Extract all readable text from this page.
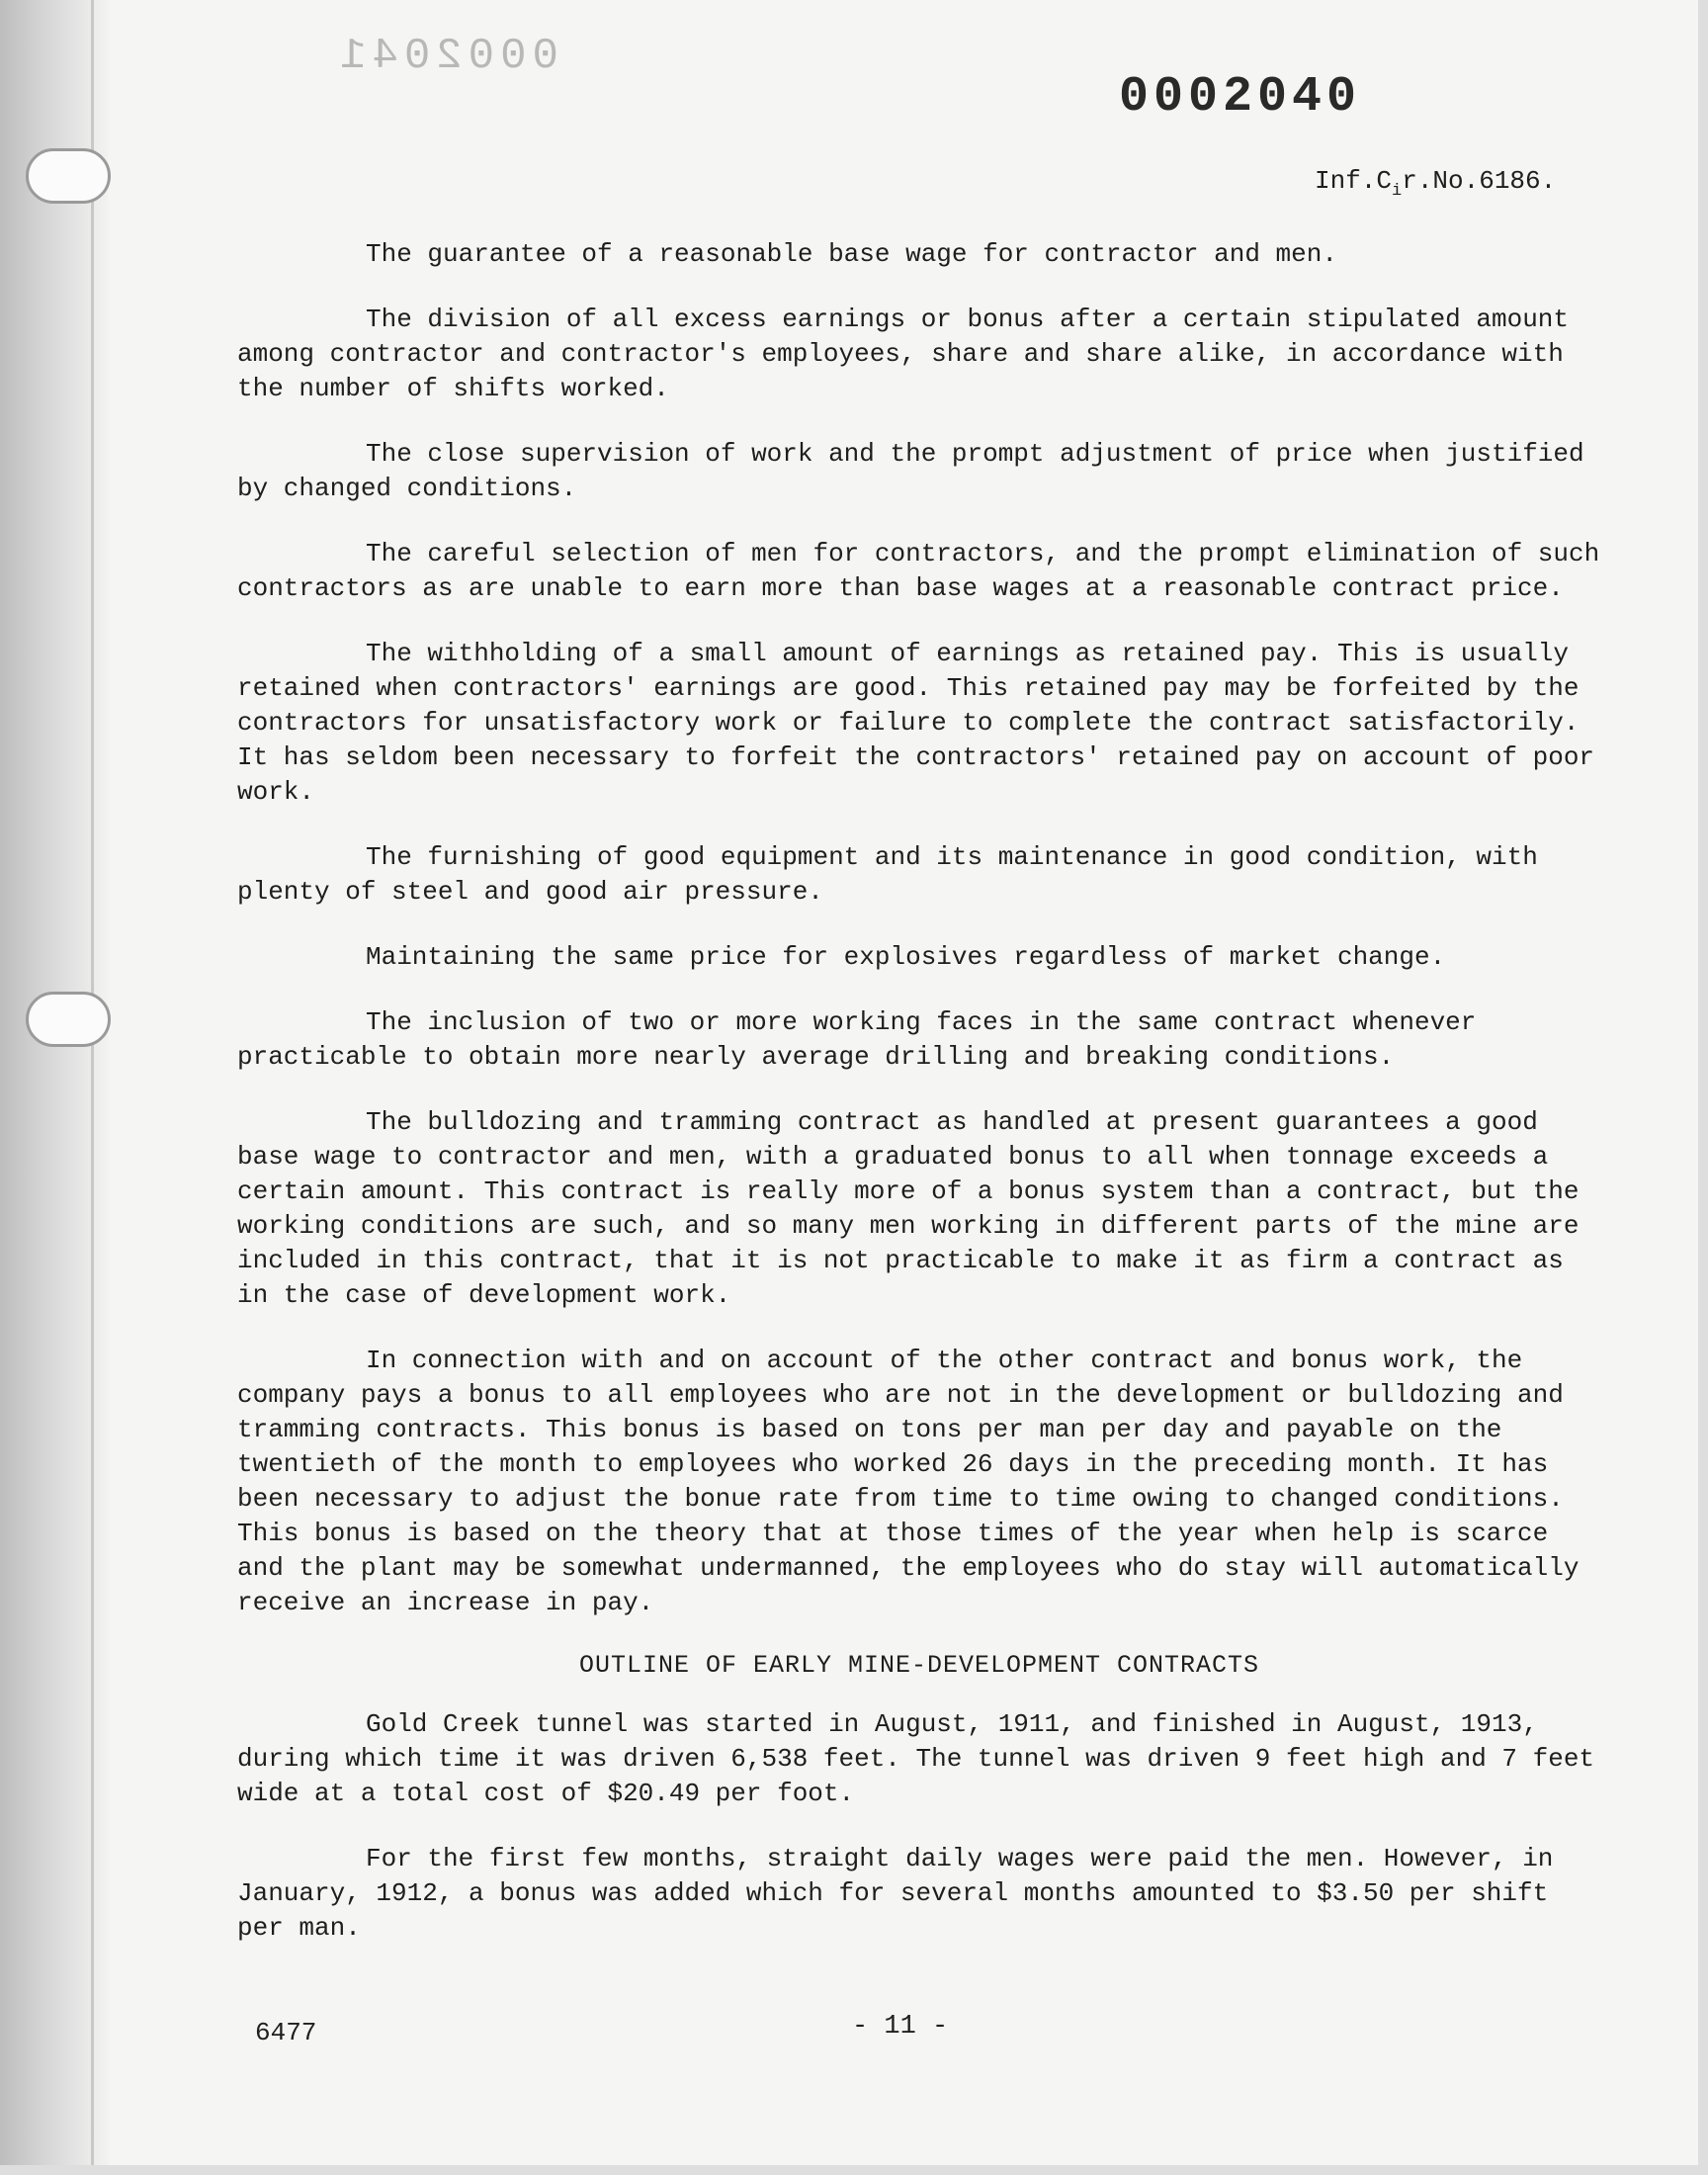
0002041
0002040
$Inf.C_ir.No.6186$.

The guarantee of a reasonable base wage for contractor and men.

The division of all excess earnings or bonus after a certain stipulated amount among contractor and contractor's employees, share and share alike, in accordance with the number of shifts worked.

The close supervision of work and the prompt adjustment of price when justified by changed conditions.

The careful selection of men for contractors, and the prompt elimination of such contractors as are unable to earn more than base wages at a reasonable contract price.

The withholding of a small amount of earnings as retained pay. This is usually retained when contractors' earnings are good. This retained pay may be forfeited by the contractors for unsatisfactory work or failure to complete the contract satisfactorily. It has seldom been necessary to forfeit the contractors' retained pay on account of poor work.

The furnishing of good equipment and its maintenance in good condition, with plenty of steel and good air pressure.

Maintaining the same price for explosives regardless of market change.

The inclusion of two or more working faces in the same contract whenever practicable to obtain more nearly average drilling and breaking conditions.

The bulldozing and tramming contract as handled at present guarantees a good base wage to contractor and men, with a graduated bonus to all when tonnage exceeds a certain amount. This contract is really more of a bonus system than a contract, but the working conditions are such, and so many men working in different parts of the mine are included in this contract, that it is not practicable to make it as firm a contract as in the case of development work.

In connection with and on account of the other contract and bonus work, the company pays a bonus to all employees who are not in the development or bulldozing and tramming contracts. This bonus is based on tons per man per day and payable on the twentieth of the month to employees who worked 26 days in the preceding month. It has been necessary to adjust the bonue rate from time to time owing to changed conditions. This bonus is based on the theory that at those times of the year when help is scarce and the plant may be somewhat undermanned, the employees who do stay will automatically receive an increase in pay.

OUTLINE OF EARLY MINE-DEVELOPMENT CONTRACTS

Gold Creek tunnel was started in August, 1911, and finished in August, 1913, during which time it was driven 6,538 feet. The tunnel was driven 9 feet high and 7 feet wide at a total cost of $20.49 per foot.

For the first few months, straight daily wages were paid the men. However, in January, 1912, a bonus was added which for several months amounted to $3.50 per shift per man.

6477	- 11 -
